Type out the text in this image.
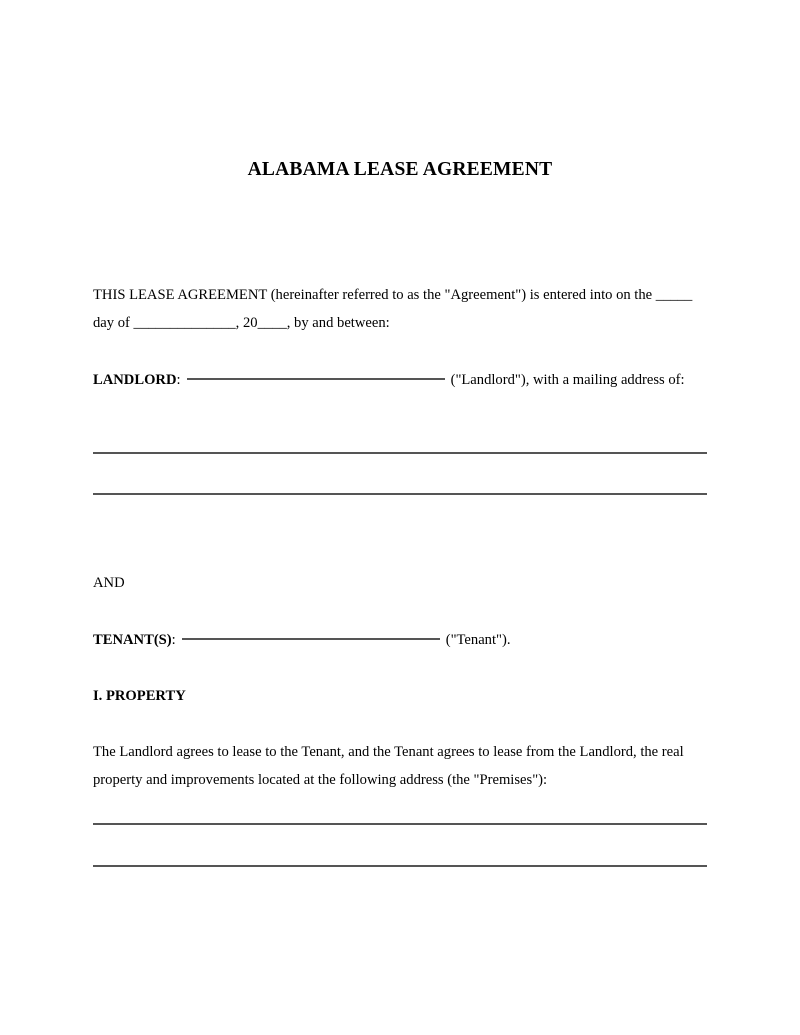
ALABAMA LEASE AGREEMENT
THIS LEASE AGREEMENT (hereinafter referred to as the "Agreement") is entered into on the _____ day of ______________, 20____, by and between:
LANDLORD:	("Landlord"), with a mailing address of:
AND
TENANT(S):	("Tenant").
I. PROPERTY
The Landlord agrees to lease to the Tenant, and the Tenant agrees to lease from the Landlord, the real property and improvements located at the following address (the "Premises"):
